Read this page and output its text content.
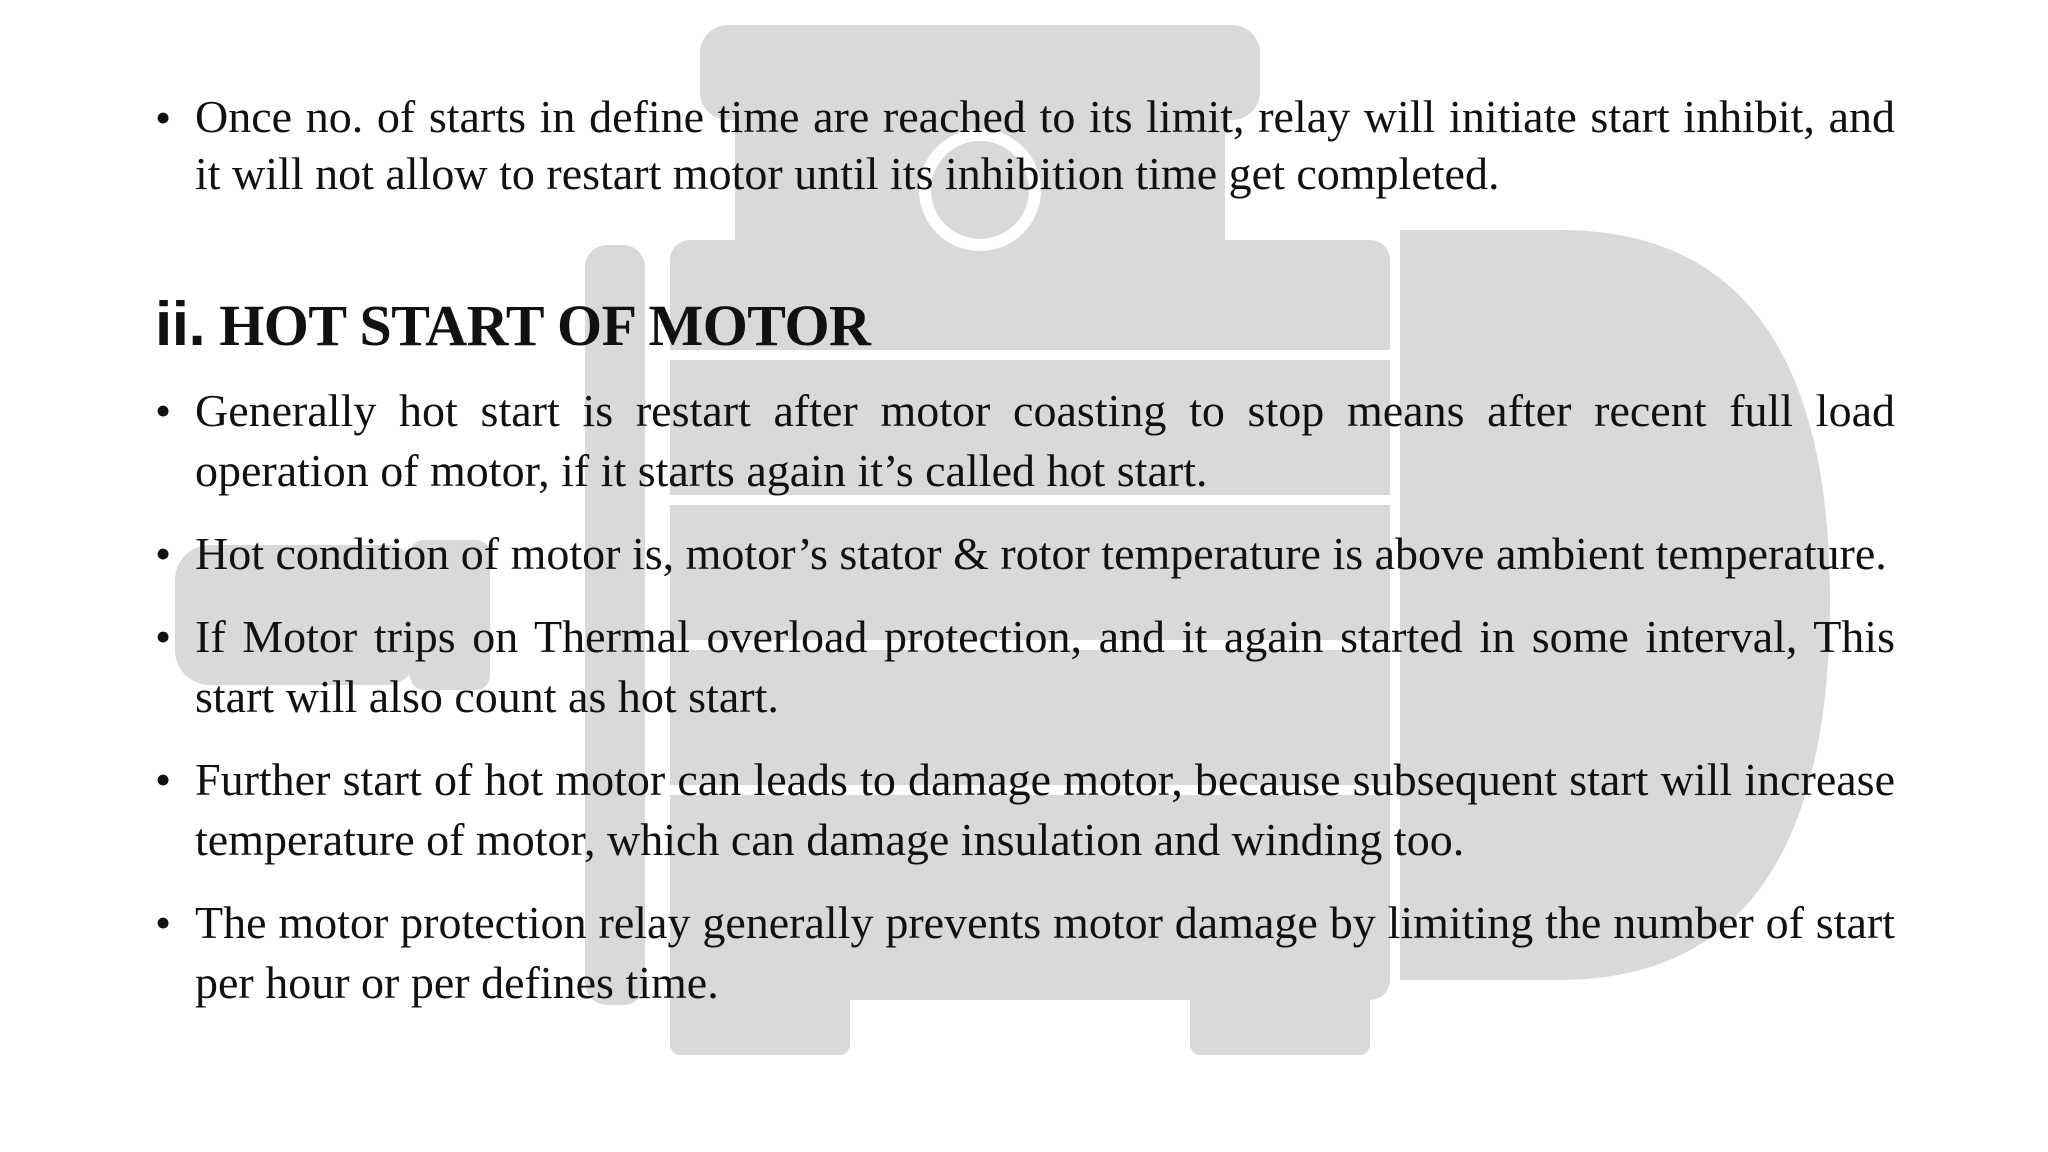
• Once no. of starts in define time are reached to its limit, relay will initiate start inhibit, and it will not allow to restart motor until its inhibition time get completed.
ii. HOT START OF MOTOR
• Generally hot start is restart after motor coasting to stop means after recent full load operation of motor, if it starts again it’s called hot start.
• Hot condition of motor is, motor’s stator & rotor temperature is above ambient temperature.
• If Motor trips on Thermal overload protection, and it again started in some interval, This start will also count as hot start.
• Further start of hot motor can leads to damage motor, because subsequent start will increase temperature of motor, which can damage insulation and winding too.
• The motor protection relay generally prevents motor damage by limiting the number of start per hour or per defines time.
